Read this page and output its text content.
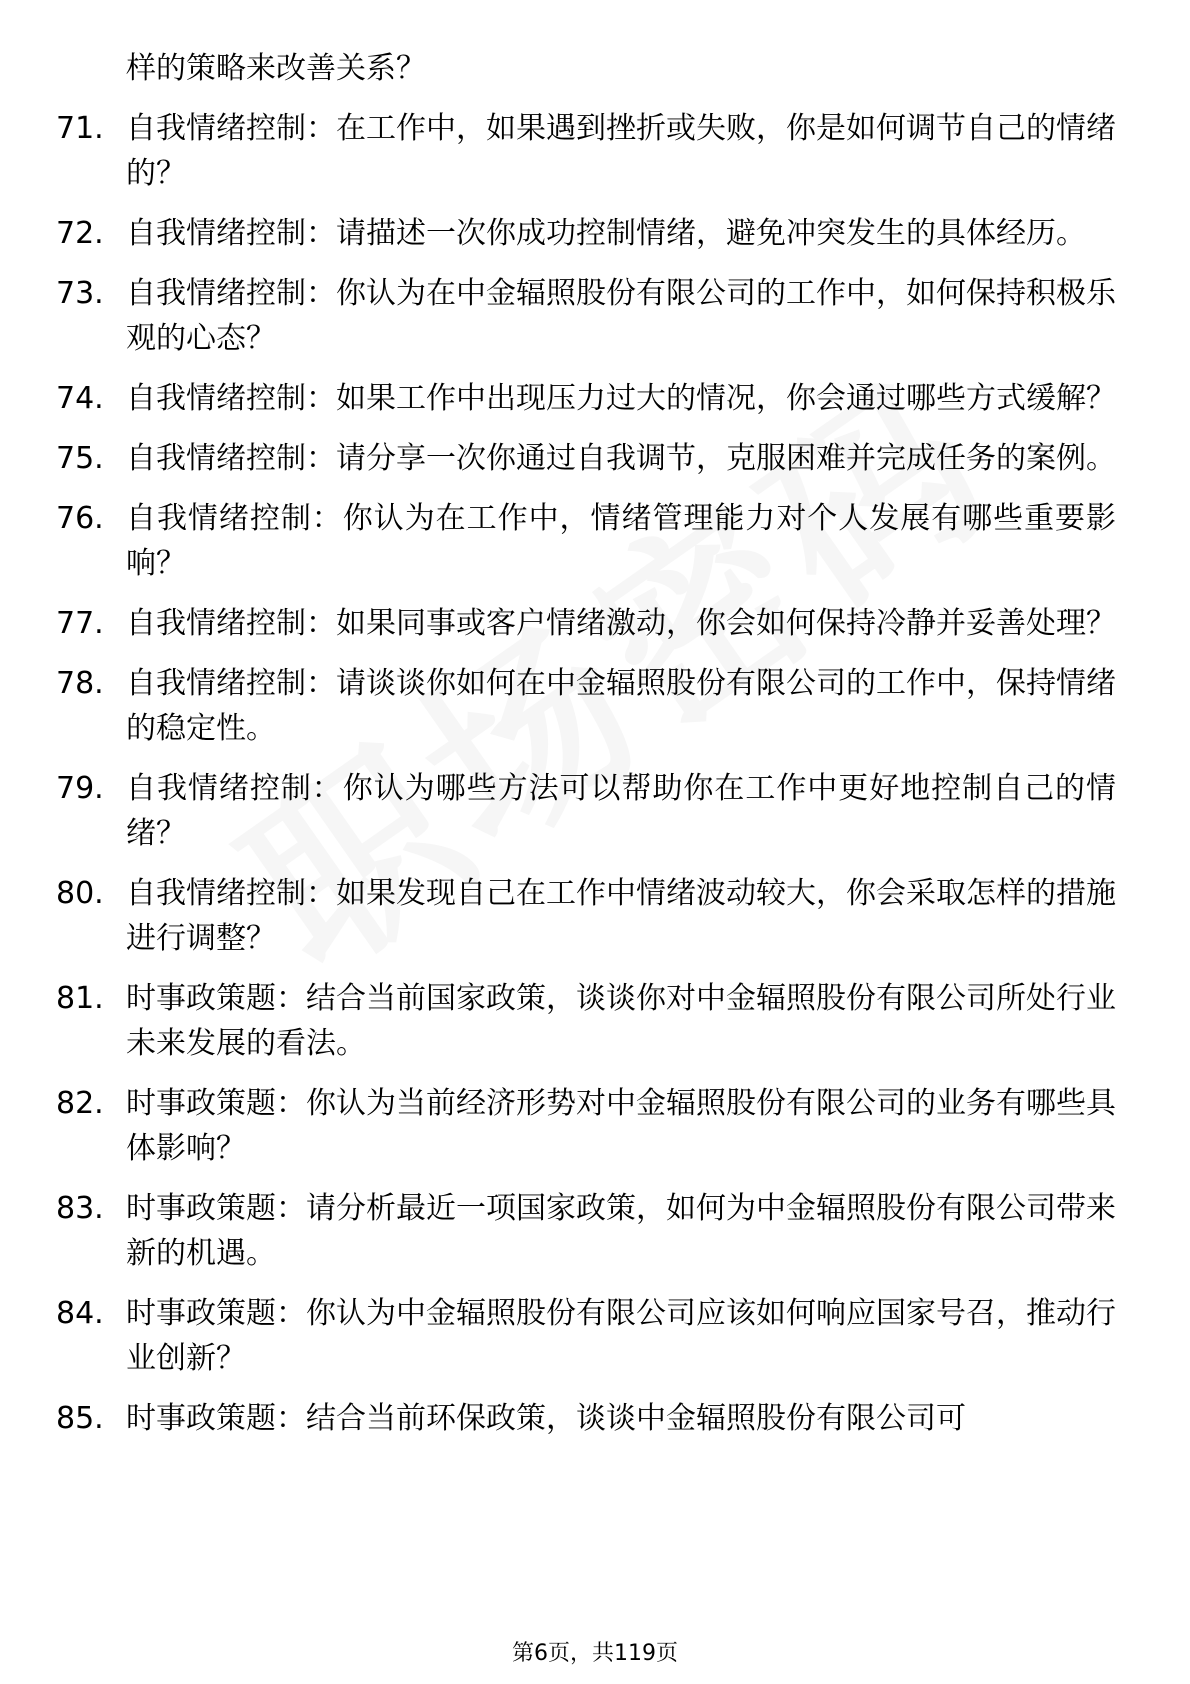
样的策略来改善关系？
71. 自我情绪控制：在工作中，如果遇到挫折或失败，你是如何调节自己的情绪的？
72. 自我情绪控制：请描述一次你成功控制情绪，避免冲突发生的具体经历。
73. 自我情绪控制：你认为在中金辐照股份有限公司的工作中，如何保持积极乐观的心态？
74. 自我情绪控制：如果工作中出现压力过大的情况，你会通过哪些方式缓解？
75. 自我情绪控制：请分享一次你通过自我调节，克服困难并完成任务的案例。
76. 自我情绪控制：你认为在工作中，情绪管理能力对个人发展有哪些重要影响？
77. 自我情绪控制：如果同事或客户情绪激动，你会如何保持冷静并妥善处理？
78. 自我情绪控制：请谈谈你如何在中金辐照股份有限公司的工作中，保持情绪的稳定性。
79. 自我情绪控制：你认为哪些方法可以帮助你在工作中更好地控制自己的情绪？
80. 自我情绪控制：如果发现自己在工作中情绪波动较大，你会采取怎样的措施进行调整？
81. 时事政策题：结合当前国家政策，谈谈你对中金辐照股份有限公司所处行业未来发展的看法。
82. 时事政策题：你认为当前经济形势对中金辐照股份有限公司的业务有哪些具体影响？
83. 时事政策题：请分析最近一项国家政策，如何为中金辐照股份有限公司带来新的机遇。
84. 时事政策题：你认为中金辐照股份有限公司应该如何响应国家号召，推动行业创新？
85. 时事政策题：结合当前环保政策，谈谈中金辐照股份有限公司可
第6页，共119页
